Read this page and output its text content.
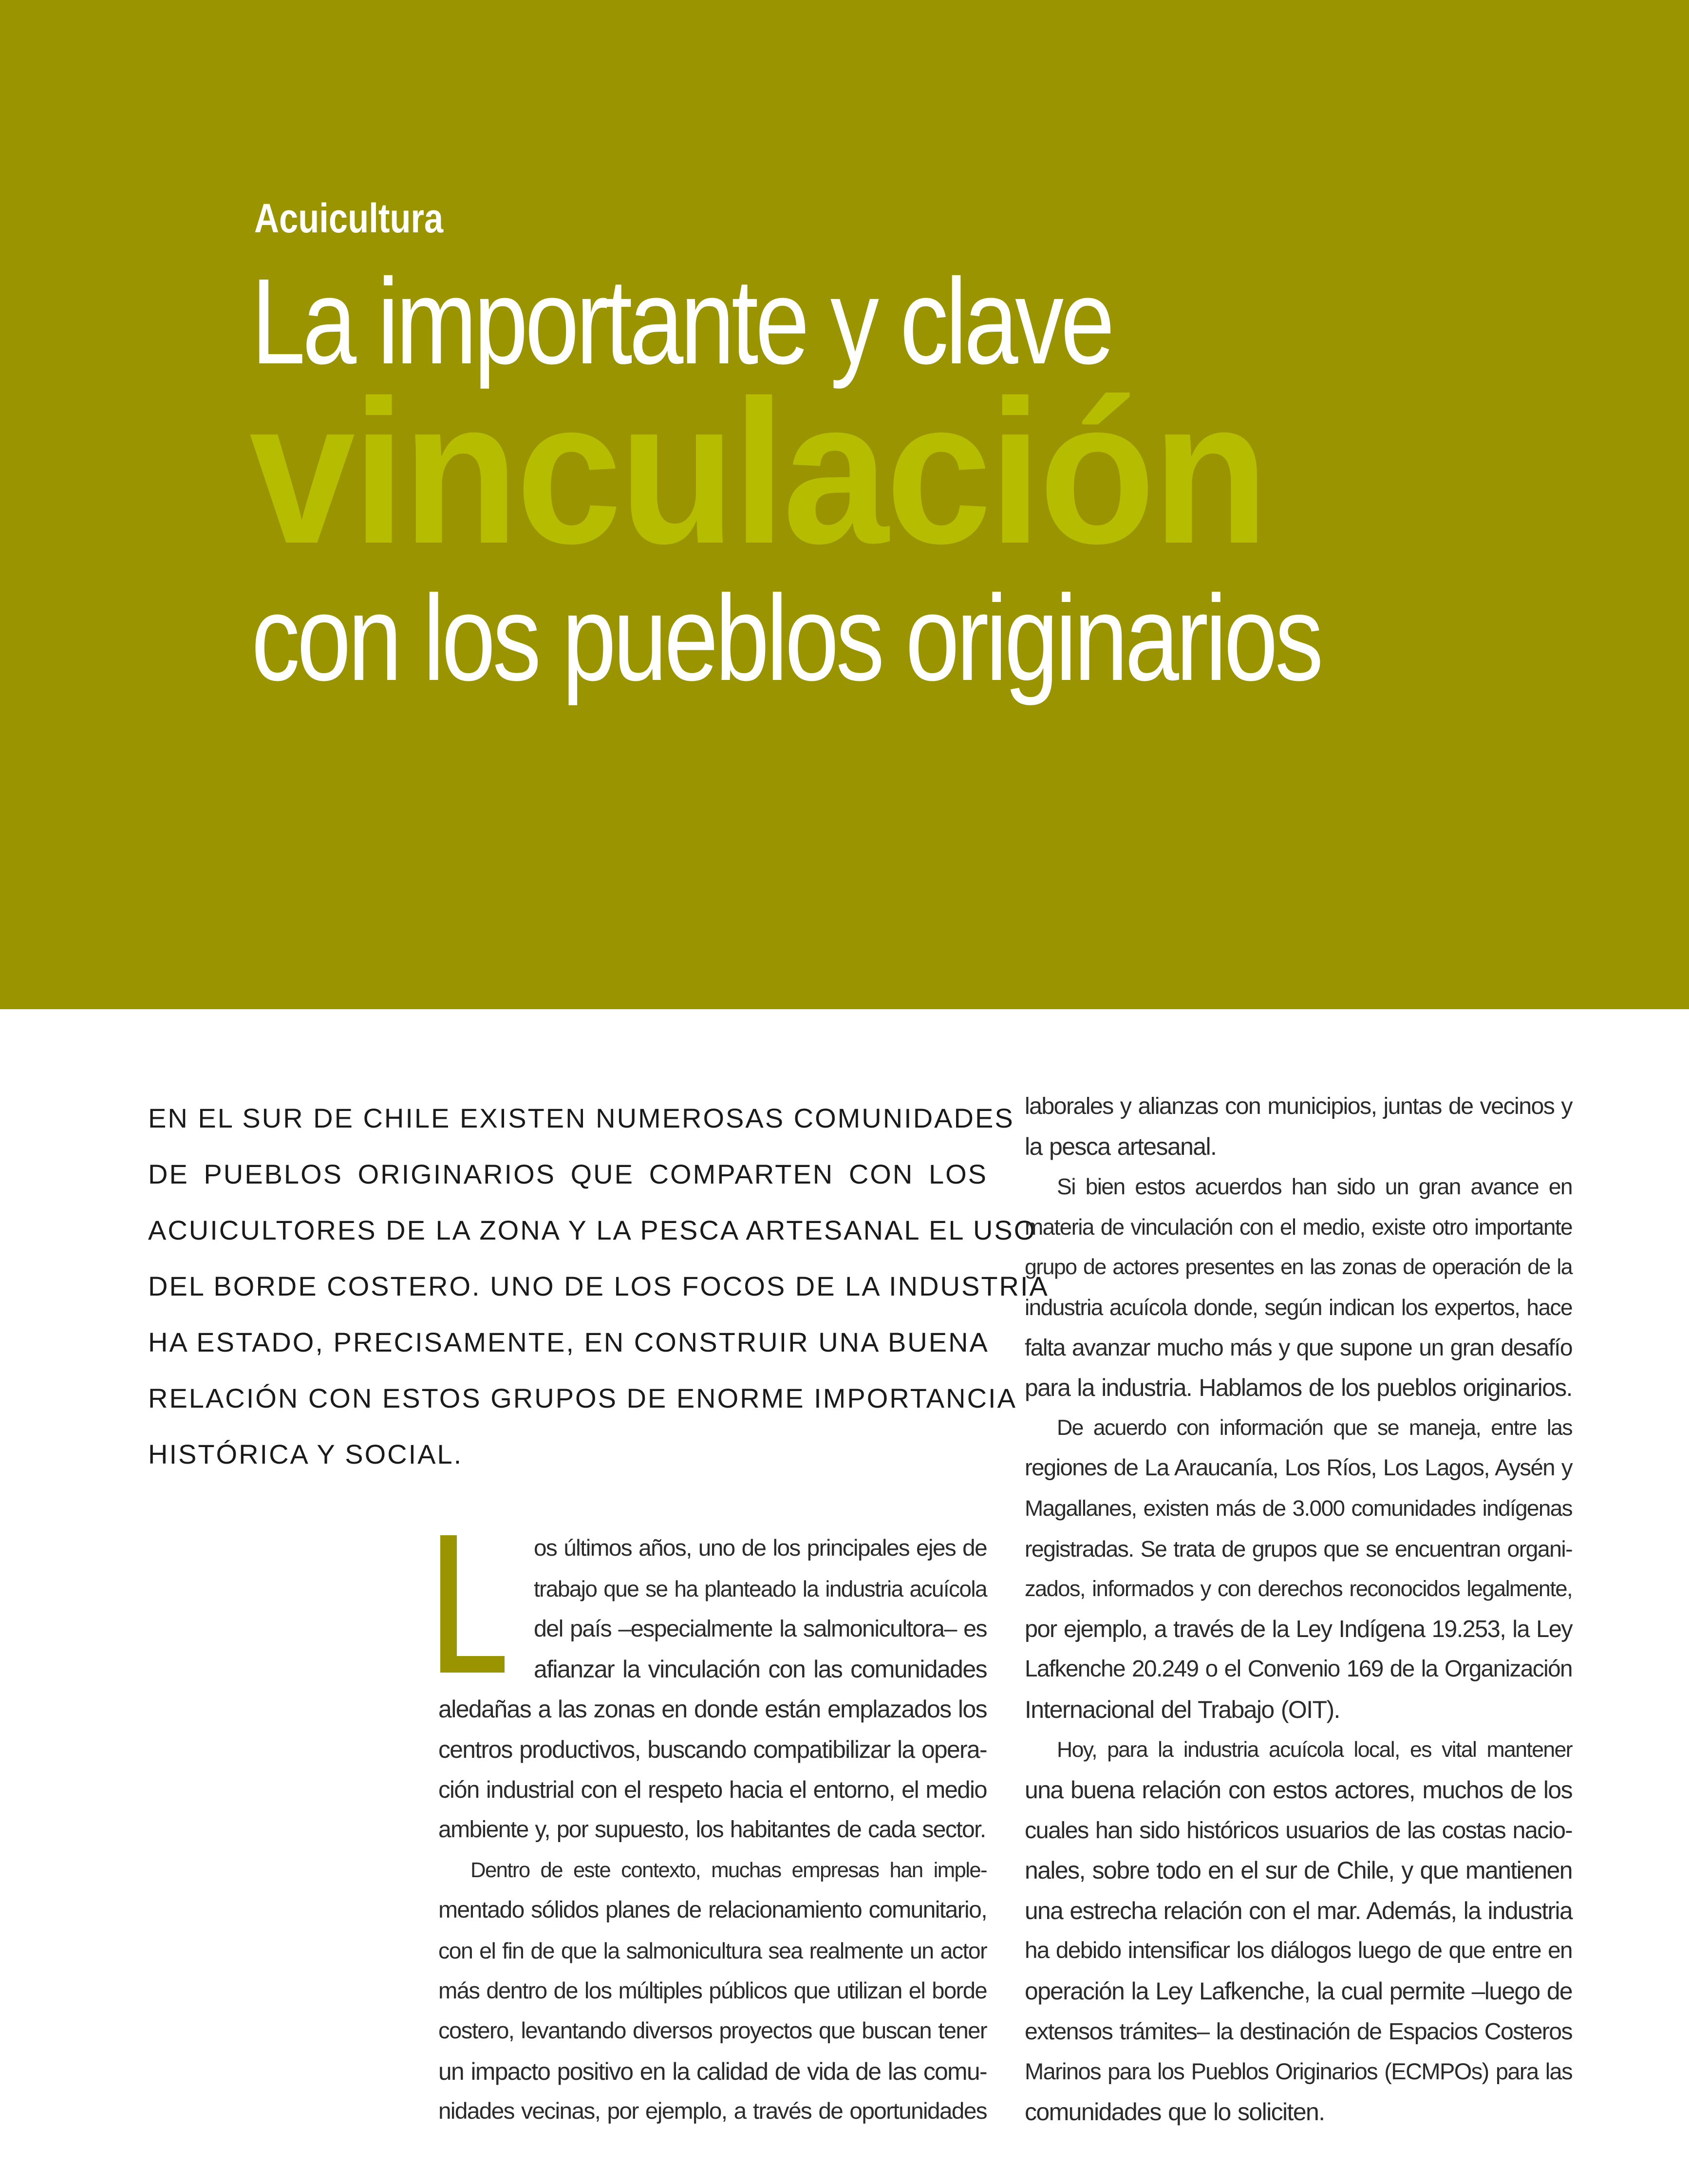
Acuicultura
La importante y clave
vinculación
con los pueblos originarios
EN EL SUR DE CHILE EXISTEN NUMEROSAS COMUNIDADES
DE PUEBLOS ORIGINARIOS QUE COMPARTEN CON LOS
ACUICULTORES DE LA ZONA Y LA PESCA ARTESANAL EL USO
DEL BORDE COSTERO. UNO DE LOS FOCOS DE LA INDUSTRIA
HA ESTADO, PRECISAMENTE, EN CONSTRUIR UNA BUENA
RELACIÓN CON ESTOS GRUPOS DE ENORME IMPORTANCIA
HISTÓRICA Y SOCIAL.
os últimos años, uno de los principales ejes de
trabajo que se ha planteado la industria acuícola
del país –especialmente la salmonicultora– es
afianzar la vinculación con las comunidades
aledañas a las zonas en donde están emplazados los
centros productivos, buscando compatibilizar la opera-
ción industrial con el respeto hacia el entorno, el medio
ambiente y, por supuesto, los habitantes de cada sector.
Dentro de este contexto, muchas empresas han imple-
mentado sólidos planes de relacionamiento comunitario,
con el fin de que la salmonicultura sea realmente un actor
más dentro de los múltiples públicos que utilizan el borde
costero, levantando diversos proyectos que buscan tener
un impacto positivo en la calidad de vida de las comu-
nidades vecinas, por ejemplo, a través de oportunidades
laborales y alianzas con municipios, juntas de vecinos y
la pesca artesanal.
Si bien estos acuerdos han sido un gran avance en
materia de vinculación con el medio, existe otro importante
grupo de actores presentes en las zonas de operación de la
industria acuícola donde, según indican los expertos, hace
falta avanzar mucho más y que supone un gran desafío
para la industria. Hablamos de los pueblos originarios.
De acuerdo con información que se maneja, entre las
regiones de La Araucanía, Los Ríos, Los Lagos, Aysén y
Magallanes, existen más de 3.000 comunidades indígenas
registradas. Se trata de grupos que se encuentran organi-
zados, informados y con derechos reconocidos legalmente,
por ejemplo, a través de la Ley Indígena 19.253, la Ley
Lafkenche 20.249 o el Convenio 169 de la Organización
Internacional del Trabajo (OIT).
Hoy, para la industria acuícola local, es vital mantener
una buena relación con estos actores, muchos de los
cuales han sido históricos usuarios de las costas nacio-
nales, sobre todo en el sur de Chile, y que mantienen
una estrecha relación con el mar. Además, la industria
ha debido intensificar los diálogos luego de que entre en
operación la Ley Lafkenche, la cual permite –luego de
extensos trámites– la destinación de Espacios Costeros
Marinos para los Pueblos Originarios (ECMPOs) para las
comunidades que lo soliciten.
